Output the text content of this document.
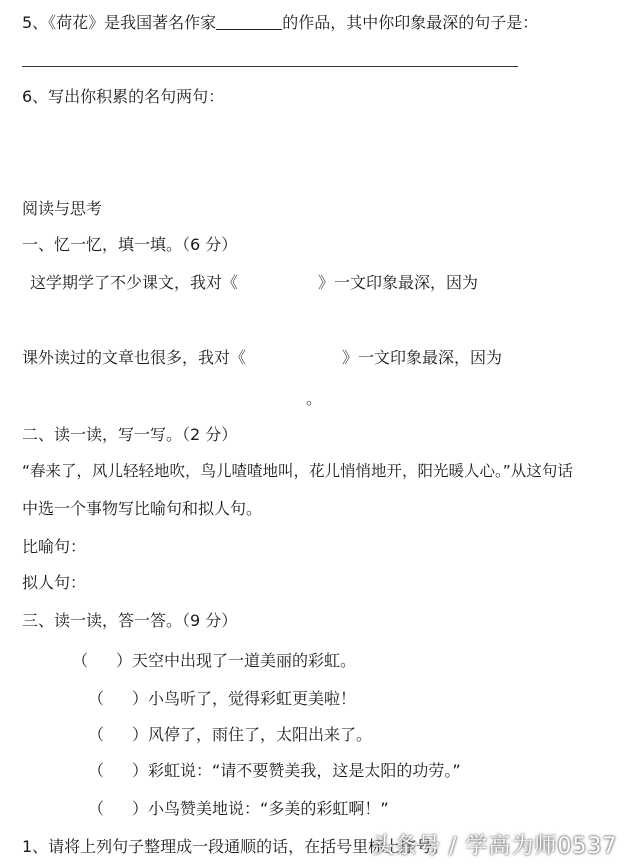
5、《荷花》是我国著名作家	的作品，其中你印象最深的句子是：
6、写出你积累的名句两句：
阅读与思考
一、忆一忆，填一填。（6 分）
这学期学了不少课文，我对《	》一文印象最深，因为
课外读过的文章也很多，我对《	》一文印象最深，因为
。
二、读一读，写一写。（2 分）
“春来了，风儿轻轻地吹，鸟儿喳喳地叫，花儿悄悄地开，阳光暖人心。”从这句话
中选一个事物写比喻句和拟人句。
比喻句：
拟人句：
三、读一读，答一答。（9 分）
（ ）天空中出现了一道美丽的彩虹。
（ ）小鸟听了，觉得彩虹更美啦！
（ ）风停了，雨住了，太阳出来了。
（ ）彩虹说：“请不要赞美我，这是太阳的功劳。”
（ ）小鸟赞美地说：“多美的彩虹啊！”
1、请将上列句子整理成一段通顺的话，在括号里标上序号。
头条号 / 学高为师0537
